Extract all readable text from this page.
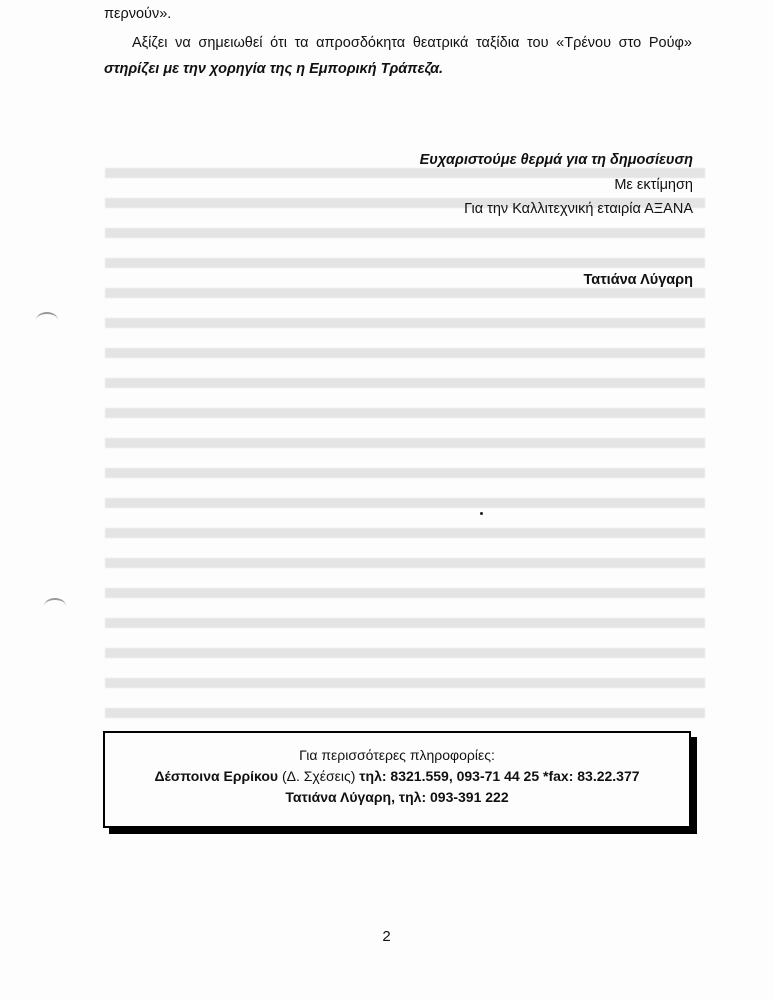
περνούν».
Αξίζει να σημειωθεί ότι τα απροσδόκητα θεατρικά ταξίδια του «Τρένου στο Ρούφ» στηρίζει με την χορηγία της η Εμπορική Τράπεζα.
Ευχαριστούμε θερμά για τη δημοσίευση
Με εκτίμηση
Για την Καλλιτεχνική εταιρία ΑΞΑΝΑ
Τατιάνα Λύγαρη
Για περισσότερες πληροφορίες:
Δέσποινα Ερρίκου (Δ. Σχέσεις) τηλ: 8321.559, 093-71 44 25 *fax: 83.22.377
Τατιάνα Λύγαρη, τηλ: 093-391 222
2
